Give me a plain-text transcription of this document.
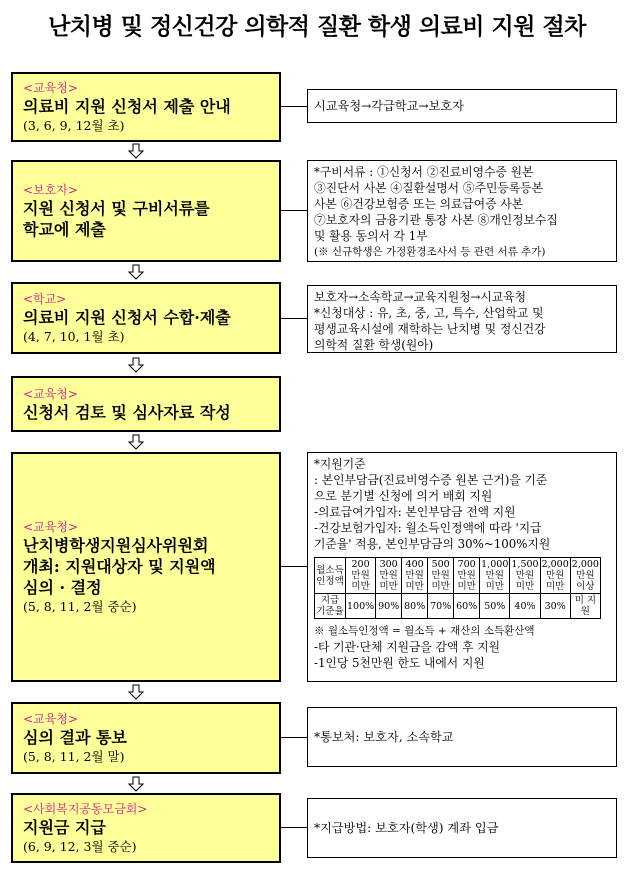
난치병 및 정신건강 의학적 질환 학생 의료비 지원 절차
<교육청>
의료비 지원 신청서 제출 안내
(3, 6, 9, 12월 초)
<보호자>
지원 신청서 및 구비서류를
학교에 제출
<학교>
의료비 지원 신청서 수합·제출
(4, 7, 10, 1월 초)
<교육청>
신청서 검토 및 심사자료 작성
<교육청>
난치병학생지원심사위원회
개최: 지원대상자 및 지원액
심의 · 결정
(5, 8, 11, 2월 중순)
<교육청>
심의 결과 통보
(5, 8, 11, 2월 말)
<사회복지공동모금회>
지원금 지급
(6, 9, 12, 3월 중순)
시교육청→각급학교→보호자
*구비서류 : ①신청서 ②진료비영수증 원본
③진단서 사본 ④질환설명서 ⑤주민등록등본
사본 ⑥건강보험증 또는 의료급여증 사본
⑦보호자의 금융기관 통장 사본 ⑧개인정보수집
및 활용 동의서 각 1부
(※ 신규학생은 가정환경조사서 등 관련 서류 추가)
보호자→소속학교→교육지원청→시교육청
*신청대상 : 유, 초, 중, 고, 특수, 산업학교 및
평생교육시설에 재학하는 난치병 및 정신건강
의학적 질환 학생(원아)
*지원기준
: 본인부담금(진료비영수증 원본 근거)을 기준
으로 분기별 신청에 의거 배회 지원
-의료급여가입자: 본인부담금 전액 지원
-건강보험가입자: 월소득인정액에 따라 '지급
기준율' 적용, 본인부담금의 30%~100%지원
월소득 인정액	200 만원 미만	300 만원 미만	400 만원 미만	500 만원 미만	700 만원 미만	1,000 만원 미만	1,500 만원 미만	2,000 만원 미만	2,000 만원 이상
지급 기준율	100%	90%	80%	70%	60%	50%	40%	30%	미 지원
※ 월소득인정액 = 월소득 + 재산의 소득환산액
-타 기관·단체 지원금을 감액 후 지원
-1인당 5천만원 한도 내에서 지원
*통보처: 보호자, 소속학교
*지급방법: 보호자(학생) 계좌 입금
